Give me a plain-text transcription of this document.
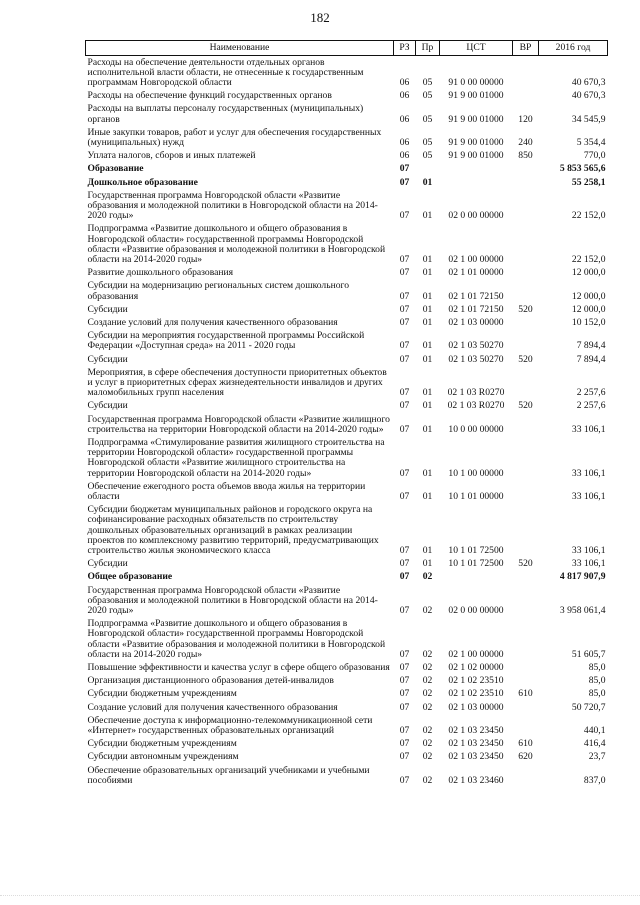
182
Наименование	РЗ	Пр	ЦСТ	ВР	2016 год
Расходы на обеспечение деятельности отдельных органов исполнительной власти области, не отнесенные к государственным программам Новгородской области	06	05	91 0 00 00000		40 670,3
Расходы на обеспечение функций государственных органов	06	05	91 9 00 01000		40 670,3
Расходы на выплаты персоналу государственных (муниципальных) органов	06	05	91 9 00 01000	120	34 545,9
Иные закупки товаров, работ и услуг для обеспечения государственных (муниципальных) нужд	06	05	91 9 00 01000	240	5 354,4
Уплата налогов, сборов и иных платежей	06	05	91 9 00 01000	850	770,0
Образование	07				5 853 565,6
Дошкольное образование	07	01			55 258,1
Государственная программа Новгородской области «Развитие образования и молодежной политики в Новгородской области на 2014-2020 годы»	07	01	02 0 00 00000		22 152,0
Подпрограмма «Развитие дошкольного и общего образования в Новгородской области» государственной программы Новгородской области «Развитие образования и молодежной политики в Новгородской области на 2014-2020 годы»	07	01	02 1 00 00000		22 152,0
Развитие дошкольного образования	07	01	02 1 01 00000		12 000,0
Субсидии на модернизацию региональных систем дошкольного образования	07	01	02 1 01 72150		12 000,0
Субсидии	07	01	02 1 01 72150	520	12 000,0
Создание условий для получения качественного образования	07	01	02 1 03 00000		10 152,0
Субсидии на мероприятия государственной программы Российской Федерации «Доступная среда» на 2011 - 2020 годы	07	01	02 1 03 50270		7 894,4
Субсидии	07	01	02 1 03 50270	520	7 894,4
Мероприятия, в сфере обеспечения доступности приоритетных объектов и услуг в приоритетных сферах жизнедеятельности инвалидов и других маломобильных групп населения	07	01	02 1 03 R0270		2 257,6
Субсидии	07	01	02 1 03 R0270	520	2 257,6
Государственная программа Новгородской области «Развитие жилищного строительства на территории Новгородской области на 2014-2020 годы»	07	01	10 0 00 00000		33 106,1
Подпрограмма «Стимулирование развития жилищного строительства на территории Новгородской области» государственной программы Новгородской области «Развитие жилищного строительства на территории Новгородской области на 2014-2020 годы»	07	01	10 1 00 00000		33 106,1
Обеспечение ежегодного роста объемов ввода жилья на территории области	07	01	10 1 01 00000		33 106,1
Субсидии бюджетам муниципальных районов и городского округа на софинансирование расходных обязательств по строительству дошкольных образовательных организаций в рамках реализации проектов по комплексному развитию территорий, предусматривающих строительство жилья экономического класса	07	01	10 1 01 72500		33 106,1
Субсидии	07	01	10 1 01 72500	520	33 106,1
Общее образование	07	02			4 817 907,9
Государственная программа Новгородской области «Развитие образования и молодежной политики в Новгородской области на 2014-2020 годы»	07	02	02 0 00 00000		3 958 061,4
Подпрограмма «Развитие дошкольного и общего образования в Новгородской области» государственной программы Новгородской области «Развитие образования и молодежной политики в Новгородской области на 2014-2020 годы»	07	02	02 1 00 00000		51 605,7
Повышение эффективности и качества услуг в сфере общего образования	07	02	02 1 02 00000		85,0
Организация дистанционного образования детей-инвалидов	07	02	02 1 02 23510		85,0
Субсидии бюджетным учреждениям	07	02	02 1 02 23510	610	85,0
Создание условий для получения качественного образования	07	02	02 1 03 00000		50 720,7
Обеспечение доступа к информационно-телекоммуникационной сети «Интернет» государственных образовательных организаций	07	02	02 1 03 23450		440,1
Субсидии бюджетным учреждениям	07	02	02 1 03 23450	610	416,4
Субсидии автономным учреждениям	07	02	02 1 03 23450	620	23,7
Обеспечение образовательных организаций учебниками и учебными пособиями	07	02	02 1 03 23460		837,0
